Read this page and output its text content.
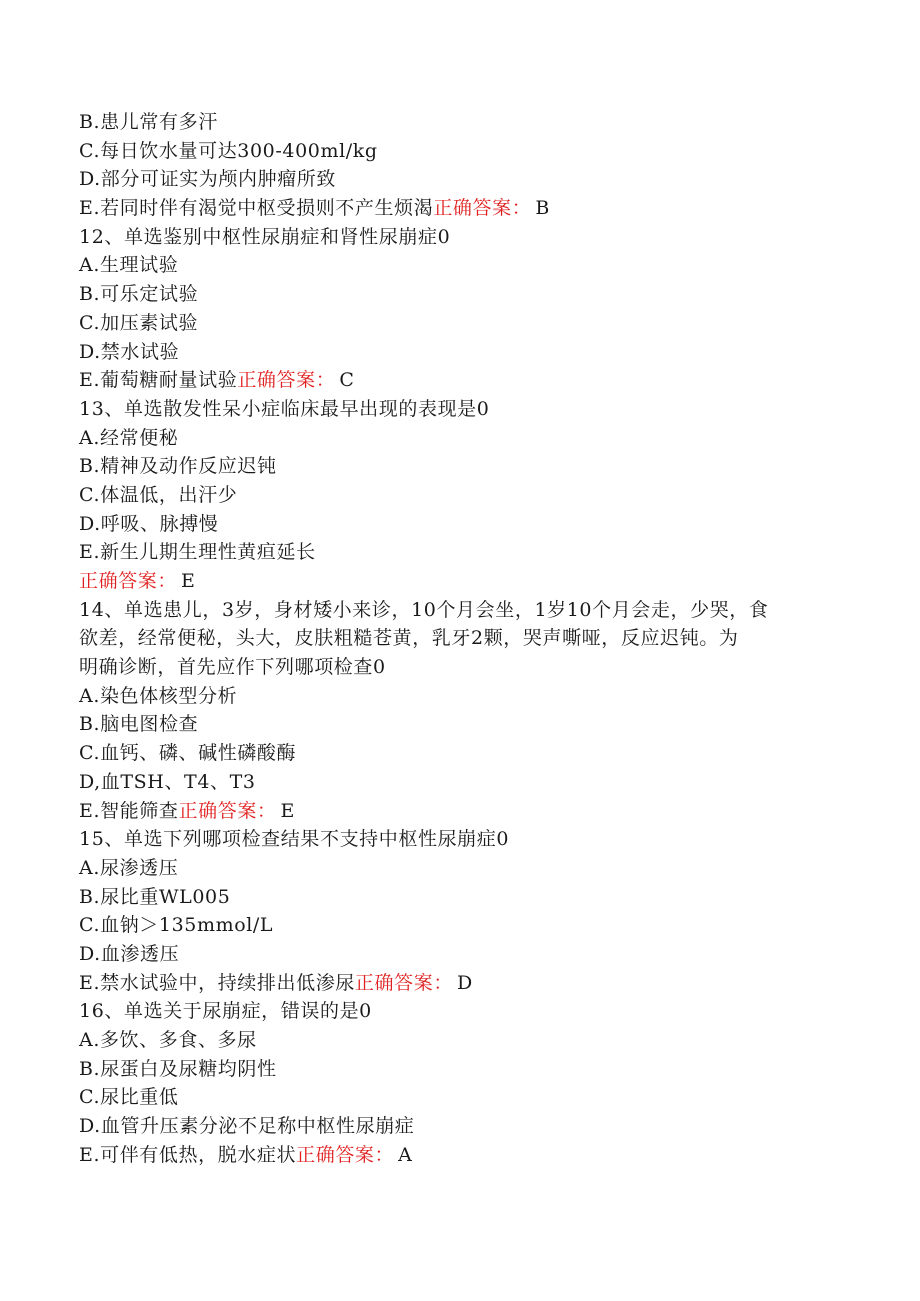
B.患儿常有多汗
C.每日饮水量可达300-400ml/kg
D.部分可证实为颅内肿瘤所致
E.若同时伴有渴觉中枢受损则不产生烦渴正确答案： B
12、单选鉴别中枢性尿崩症和肾性尿崩症0
A.生理试验
B.可乐定试验
C.加压素试验
D.禁水试验
E.葡萄糖耐量试验正确答案： C
13、单选散发性呆小症临床最早出现的表现是0
A.经常便秘
B.精神及动作反应迟钝
C.体温低，出汗少
D.呼吸、脉搏慢
E.新生儿期生理性黄疸延长
正确答案： E
14、单选患儿，3岁，身材矮小来诊，10个月会坐，1岁10个月会走，少哭，食
欲差，经常便秘，头大，皮肤粗糙苍黄，乳牙2颗，哭声嘶哑，反应迟钝。为
明确诊断，首先应作下列哪项检查0
A.染色体核型分析
B.脑电图检查
C.血钙、磷、碱性磷酸酶
D,血TSH、T4、T3
E.智能筛查正确答案： E
15、单选下列哪项检查结果不支持中枢性尿崩症0
A.尿渗透压
B.尿比重WL005
C.血钠＞135mmol/L
D.血渗透压
E.禁水试验中，持续排出低渗尿正确答案： D
16、单选关于尿崩症，错误的是0
A.多饮、多食、多尿
B.尿蛋白及尿糖均阴性
C.尿比重低
D.血管升压素分泌不足称中枢性尿崩症
E.可伴有低热，脱水症状正确答案： A
